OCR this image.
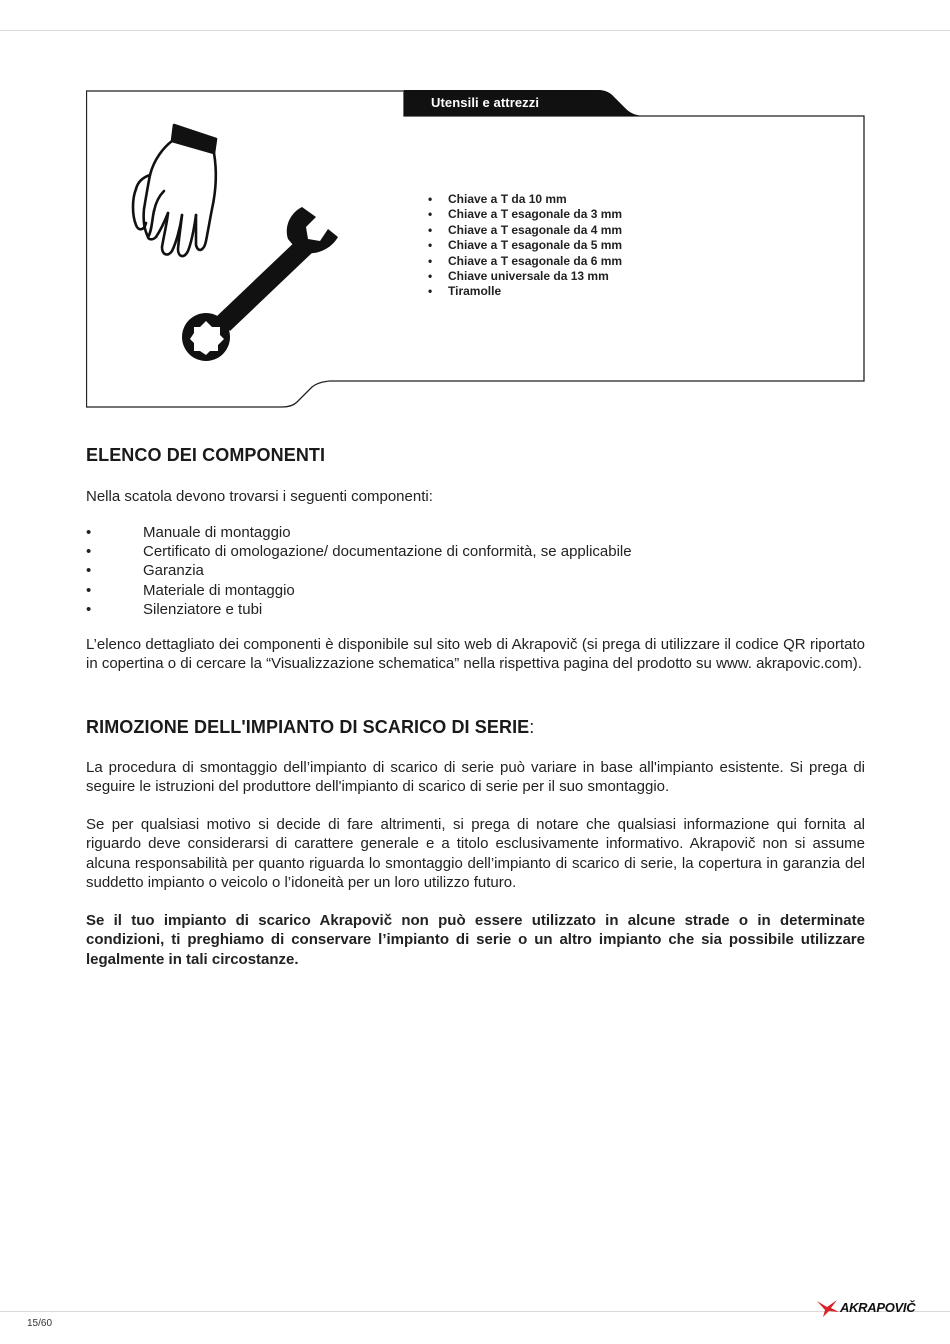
Utensili e attrezzi
• Chiave a T da 10 mm
• Chiave a T esagonale da 3 mm
• Chiave a T esagonale da 4 mm
• Chiave a T esagonale da 5 mm
• Chiave a T esagonale da 6 mm
• Chiave universale da 13 mm
• Tiramolle
ELENCO DEI COMPONENTI

Nella scatola devono trovarsi i seguenti componenti:

•	Manuale di montaggio
•	Certificato di omologazione/ documentazione di conformità, se applicabile
•	Garanzia
•	Materiale di montaggio
•	Silenziatore e tubi

L’elenco dettagliato dei componenti è disponibile sul sito web di Akrapovič (si prega di utilizzare il codice QR riportato in copertina o di cercare la “Visualizzazione schematica” nella rispettiva pagina del prodotto su www. akrapovic.com).

RIMOZIONE DELL'IMPIANTO DI SCARICO DI SERIE:

La procedura di smontaggio dell’impianto di scarico di serie può variare in base all'impianto esistente. Si prega di seguire le istruzioni del produttore dell'impianto di scarico di serie per il suo smontaggio.

Se per qualsiasi motivo si decide di fare altrimenti, si prega di notare che qualsiasi informazione qui fornita al riguardo deve considerarsi di carattere generale e a titolo esclusivamente informativo. Akrapovič non si assume alcuna responsabilità per quanto riguarda lo smontaggio dell’impianto di scarico di serie, la copertura in garanzia del suddetto impianto o veicolo o l’idoneità per un loro utilizzo futuro.

Se il tuo impianto di scarico Akrapovič non può essere utilizzato in alcune strade o in determinate condizioni, ti preghiamo di conservare l’impianto di serie o un altro impianto che sia possibile utilizzare legalmente in tali circostanze.

15/60
AKRAPOVIČ
